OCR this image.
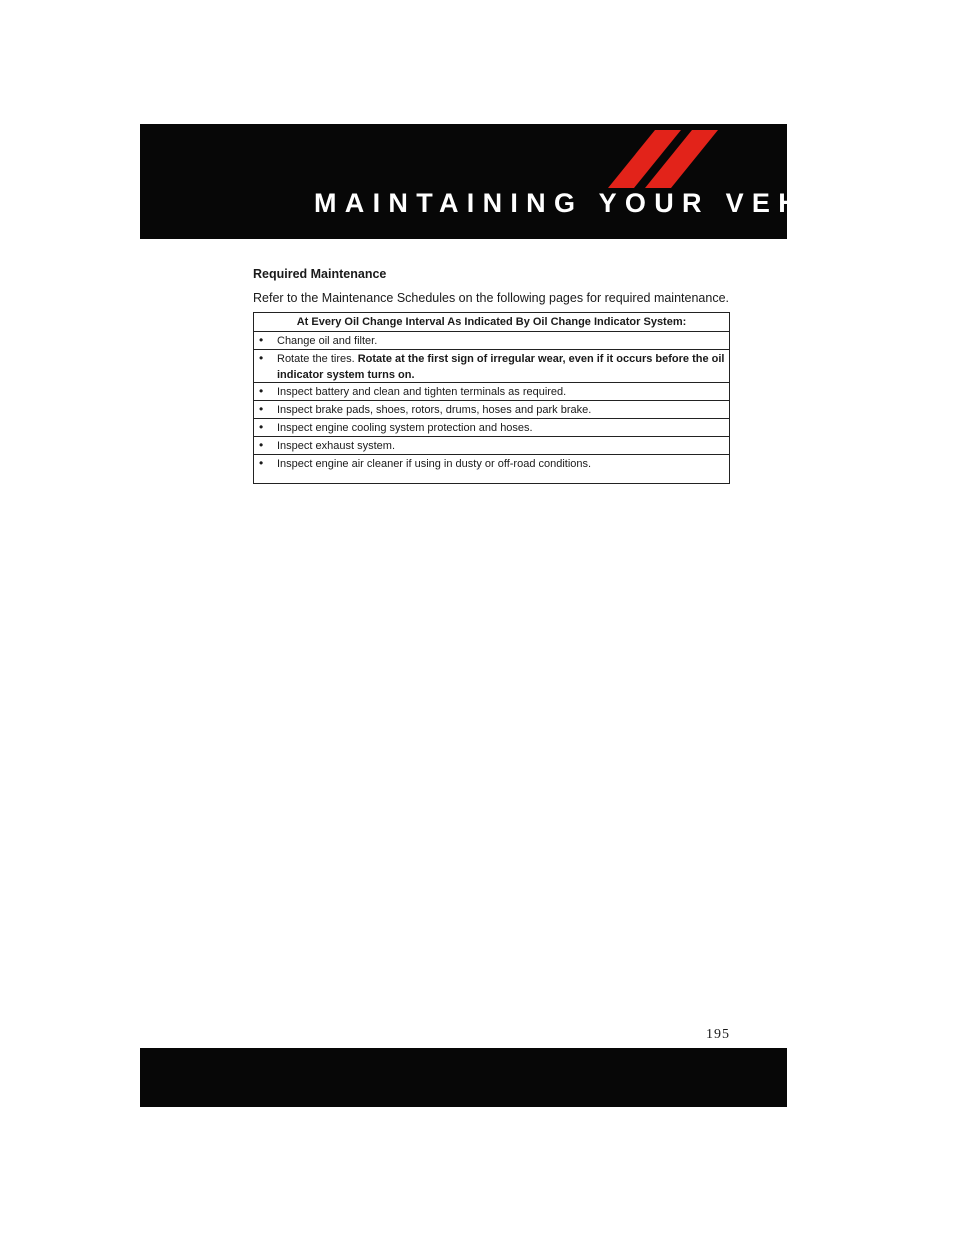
MAINTAINING YOUR VEHICLE
Required Maintenance
Refer to the Maintenance Schedules on the following pages for required maintenance.
At Every Oil Change Interval As Indicated By Oil Change Indicator System:
• Change oil and filter.
• Rotate the tires. Rotate at the first sign of irregular wear, even if it occurs before the oil indicator system turns on.
• Inspect battery and clean and tighten terminals as required.
• Inspect brake pads, shoes, rotors, drums, hoses and park brake.
• Inspect engine cooling system protection and hoses.
• Inspect exhaust system.
• Inspect engine air cleaner if using in dusty or off-road conditions.
195
